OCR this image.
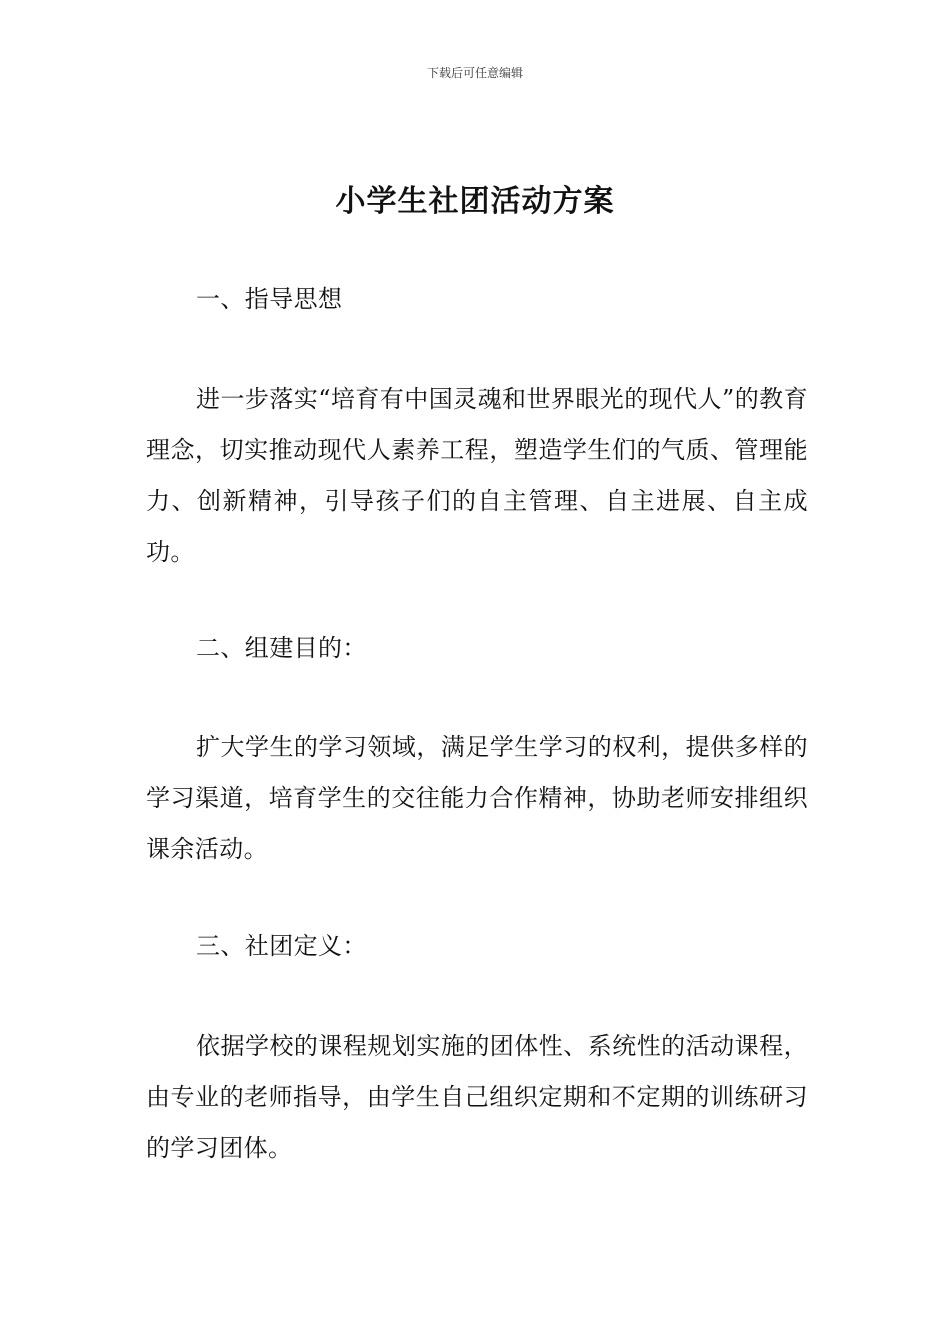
下载后可任意编辑
小学生社团活动方案
一、指导思想
进一步落实“培育有中国灵魂和世界眼光的现代人”的教育理念，切实推动现代人素养工程，塑造学生们的气质、管理能力、创新精神，引导孩子们的自主管理、自主进展、自主成功。
二、组建目的：
扩大学生的学习领域，满足学生学习的权利，提供多样的学习渠道，培育学生的交往能力合作精神，协助老师安排组织课余活动。
三、社团定义：
依据学校的课程规划实施的团体性、系统性的活动课程，由专业的老师指导，由学生自己组织定期和不定期的训练研习的学习团体。
